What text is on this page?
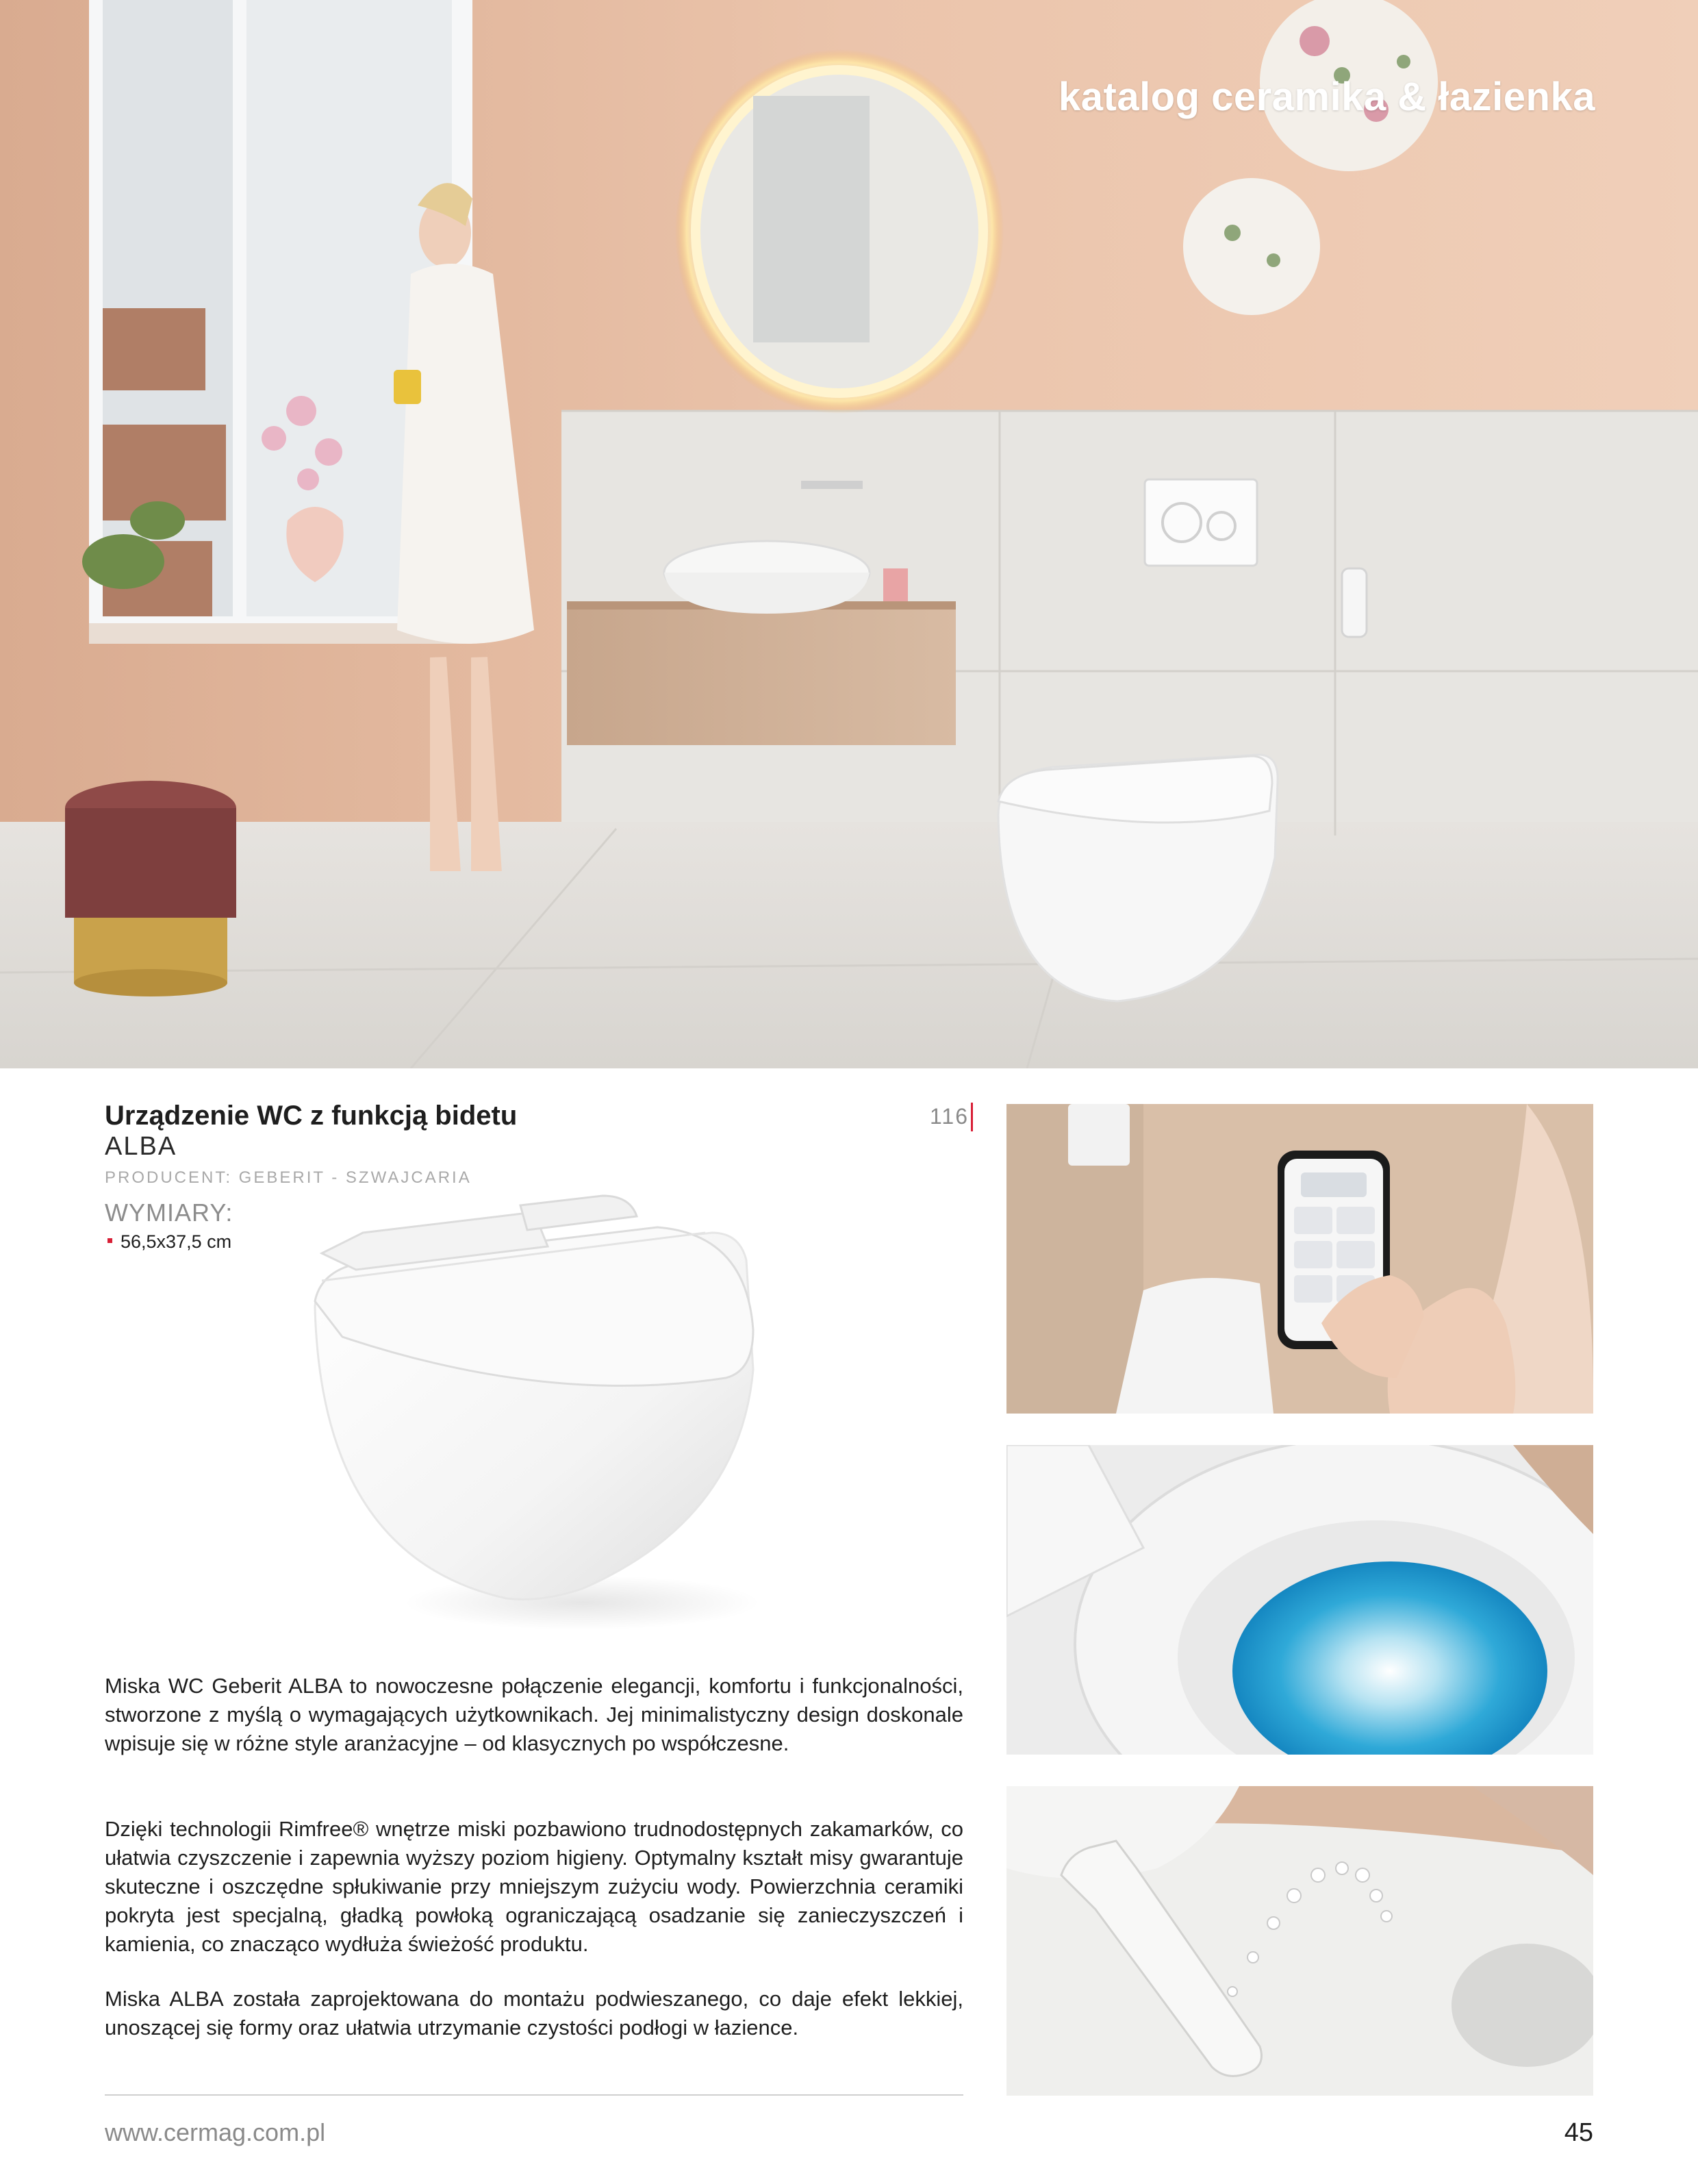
katalog ceramika & łazienka
Urządzenie WC z funkcją bidetu
ALBA
PRODUCENT: GEBERIT - SZWAJCARIA
WYMIARY:
56,5x37,5 cm
116
Miska WC Geberit ALBA to nowoczesne połączenie elegancji, komfortu i funkcjonalności, stworzone z myślą o wymagających użytkownikach. Jej minimalistyczny design doskonale wpisuje się w różne style aranżacyjne – od klasycznych po współczesne.
Dzięki technologii Rimfree® wnętrze miski pozbawiono trudnodostępnych zakamarków, co ułatwia czyszczenie i zapewnia wyższy poziom higieny. Optymalny kształt misy gwarantuje skuteczne i oszczędne spłukiwanie przy mniejszym zużyciu wody. Powierzchnia ceramiki pokryta jest specjalną, gładką powłoką ograniczającą osadzanie się zanieczyszczeń i kamienia, co znacząco wydłuża świeżość produktu.
Miska ALBA została zaprojektowana do montażu podwieszanego, co daje efekt lekkiej, unoszącej się formy oraz ułatwia utrzymanie czystości podłogi w łazience.
www.cermag.com.pl	45
